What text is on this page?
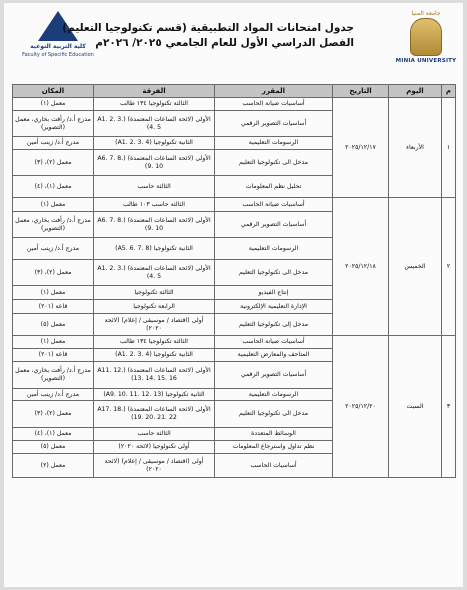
كلية التربية النوعية
Faculty of Specific Education
جدول امتحانات المواد التطبيقية (قسم تكنولوجيا التعليم)
الفصل الدراسي الأول للعام الجامعي ٢٠٢٥/ ٢٠٢٦م
جامعة المنيا
MINIA UNIVERSITY
م	اليوم	التاريخ	المقرر	الفرقة	المكان
١	الأربعاء	٢٠٢٥/١٢/١٧	أساسيات صيانة الحاسب	الثالثة تكنولوجيا ١٣٤ طالب	معمل (١)
			أساسيات التصوير الرقمي	الأولى (لائحة الساعات المعتمدة) (A1. 2. 3. 4. 5)	مدرج أ.د/ رأفت بخاري، معمل (التصوير)
			الرسومات التعليمية	الثانية تكنولوجيا (A1. 2. 3. 4)	مدرج أ.د/ زينب أمين
			مدخل الى تكنولوجيا التعليم	الأولى (لائحة الساعات المعتمدة) (A6. 7. 8. 9. 10)	معمل (٢)، (٣)
			تحليل نظم المعلومات	الثالثة حاسب	معمل (١)، (٤)
٢	الخميس	٢٠٢٥/١٢/١٨	أساسيات صيانة الحاسب	الثالثة حاسب ١٠٣ طالب	معمل (١)
			أساسيات التصوير الرقمي	الأولى (لائحة الساعات المعتمدة) (A6. 7. 8. 9. 10)	مدرج أ.د/ رأفت بخاري، معمل (التصوير)
			الرسومات التعليمية	الثانية تكنولوجيا (A5. 6. 7. 8)	مدرج أ.د/ زينب أمين
			مدخل الى تكنولوجيا التعليم	الأولى (لائحة الساعات المعتمدة) (A1. 2. 3. 4. 5)	معمل (٢)، (٣)
			إنتاج الفيديو	الثالثة تكنولوجيا	معمل (١)
			الإدارة التعليمية الإلكترونية	الرابعة تكنولوجيا	قاعة (٢٠١)
			مدخل إلى تكنولوجيا التعليم	أولى (اقتصاد / موسيقى / إعلام) (لائحة ٢٠٢٠)	معمل (٥)
٣	السبت	٢٠٢٥/١٢/٢٠	أساسيات صيانة الحاسب	الثالثة تكنولوجيا ١٣٤ طالب	معمل (١)
			المتاحف والمعارض التعليمية	الثانية تكنولوجيا (A1. 2. 3. 4)	قاعة (٢٠١)
			أساسيات التصوير الرقمي	الأولى (لائحة الساعات المعتمدة) (A11. 12. 13. 14. 15. 16)	مدرج أ.د/ رأفت بخاري، معمل (التصوير)
			الرسومات التعليمية	الثانية تكنولوجيا (A9. 10. 11. 12. 13)	مدرج أ.د/ زينب أمين
			مدخل الى تكنولوجيا التعليم	الأولى (لائحة الساعات المعتمدة) (A17. 18. 19. 20. 21. 22)	معمل (٢)، (٣)
			الوسائط المتعددة	الثالثة حاسب	معمل (١)، (٤)
			نظم تداول واسترجاع المعلومات	أولى تكنولوجيا (لائحة ٢٠٢٠)	معمل (٥)
			أساسيات الحاسب	أولى (اقتصاد / موسيقى / إعلام) (لائحة ٢٠٢٠)	معمل (٢)
